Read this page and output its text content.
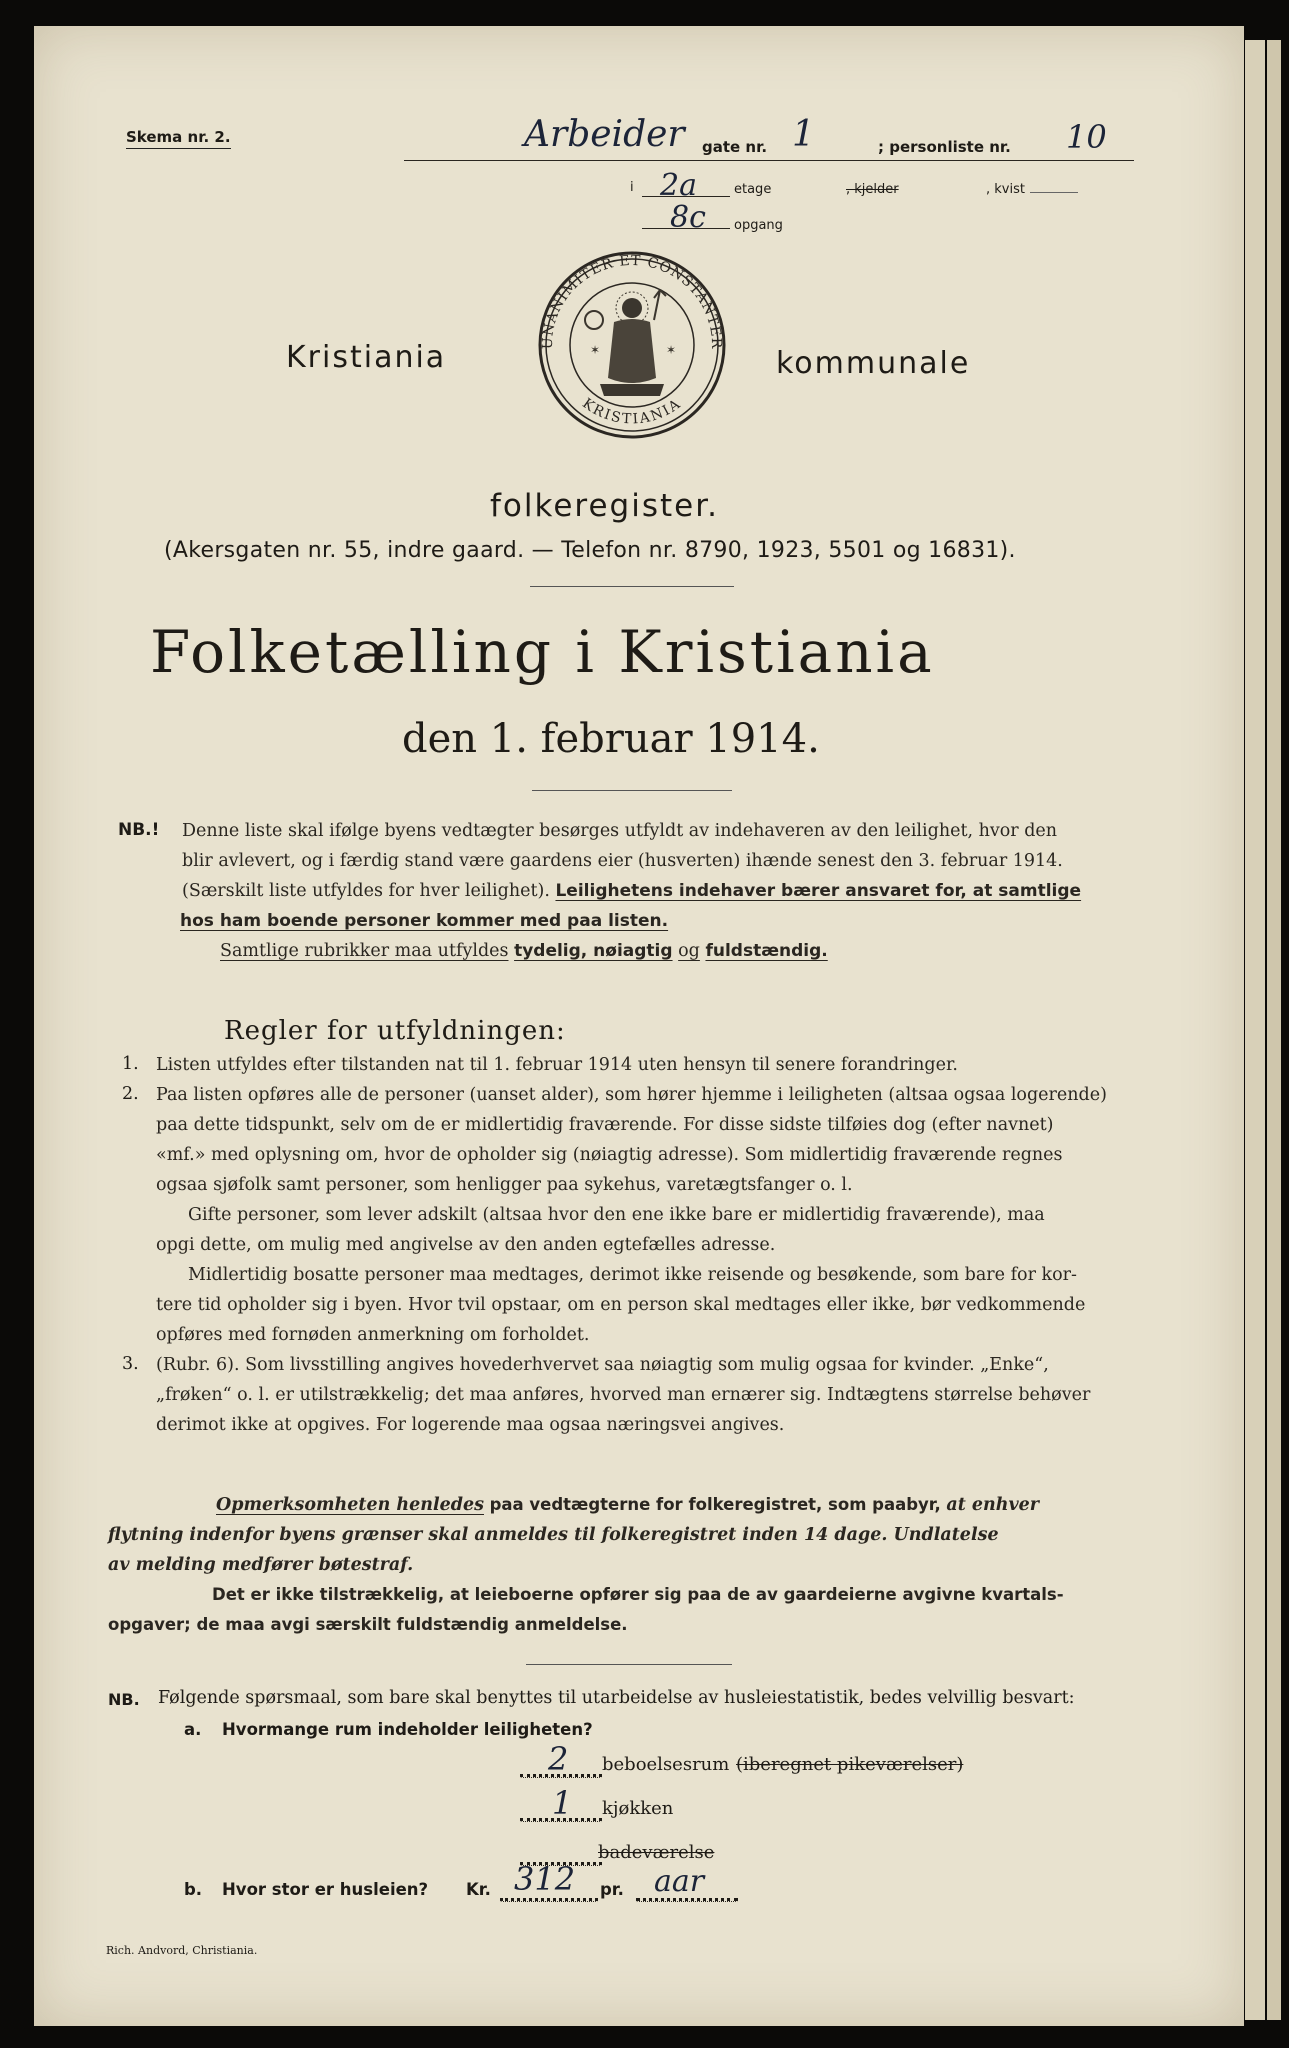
Skema nr. 2.	Arbeider gate nr. 1	; personliste nr. 10
i 2a	etage	, kjelder	, kvist
8c opgang
UNANIMITER ET CONSTANTER
KRISTIANIA
✶	✶
Kristiania	kommunale
folkeregister.
(Akersgaten nr. 55, indre gaard. — Telefon nr. 8790, 1923, 5501 og 16831).
Folketælling i Kristiania
den 1. februar 1914.
NB.! Denne liste skal ifølge byens vedtægter besørges utfyldt av indehaveren av den leilighet, hvor den
blir avlevert, og i færdig stand være gaardens eier (husverten) ihænde senest den 3. februar 1914.
(Særskilt liste utfyldes for hver leilighet). Leilighetens indehaver bærer ansvaret for, at samtlige
hos ham boende personer kommer med paa listen.
Samtlige rubrikker maa utfyldes tydelig, nøiagtig og fuldstændig.
Regler for utfyldningen:
1.
2.
3.
Listen utfyldes efter tilstanden nat til 1. februar 1914 uten hensyn til senere forandringer.
Paa listen opføres alle de personer (uanset alder), som hører hjemme i leiligheten (altsaa ogsaa logerende)
paa dette tidspunkt, selv om de er midlertidig fraværende. For disse sidste tilføies dog (efter navnet)
«mf.» med oplysning om, hvor de opholder sig (nøiagtig adresse). Som midlertidig fraværende regnes
ogsaa sjøfolk samt personer, som henligger paa sykehus, varetægtsfanger o. l.
Gifte personer, som lever adskilt (altsaa hvor den ene ikke bare er midlertidig fraværende), maa
opgi dette, om mulig med angivelse av den anden egtefælles adresse.
Midlertidig bosatte personer maa medtages, derimot ikke reisende og besøkende, som bare for kor-
tere tid opholder sig i byen. Hvor tvil opstaar, om en person skal medtages eller ikke, bør vedkommende
opføres med fornøden anmerkning om forholdet.
(Rubr. 6). Som livsstilling angives hovederhvervet saa nøiagtig som mulig ogsaa for kvinder. „Enke“,
„frøken“ o. l. er utilstrækkelig; det maa anføres, hvorved man ernærer sig. Indtægtens størrelse behøver
derimot ikke at opgives. For logerende maa ogsaa næringsvei angives.
Opmerksomheten henledes paa vedtægterne for folkeregistret, som paabyr, at enhver
flytning indenfor byens grænser skal anmeldes til folkeregistret inden 14 dage. Undlatelse
av melding medfører bøtestraf.
Det er ikke tilstrækkelig, at leieboerne opfører sig paa de av gaardeierne avgivne kvartals-
opgaver; de maa avgi særskilt fuldstændig anmeldelse.
NB. Følgende spørsmaal, som bare skal benyttes til utarbeidelse av husleiestatistik, bedes velvillig besvart:
a. Hvormange rum indeholder leiligheten?
2 beboelsesrum (iberegnet pikeværelser)
1 kjøkken
badeværelse
b. Hvor stor er husleien? Kr. 312 pr. aar
Rich. Andvord, Christiania.
